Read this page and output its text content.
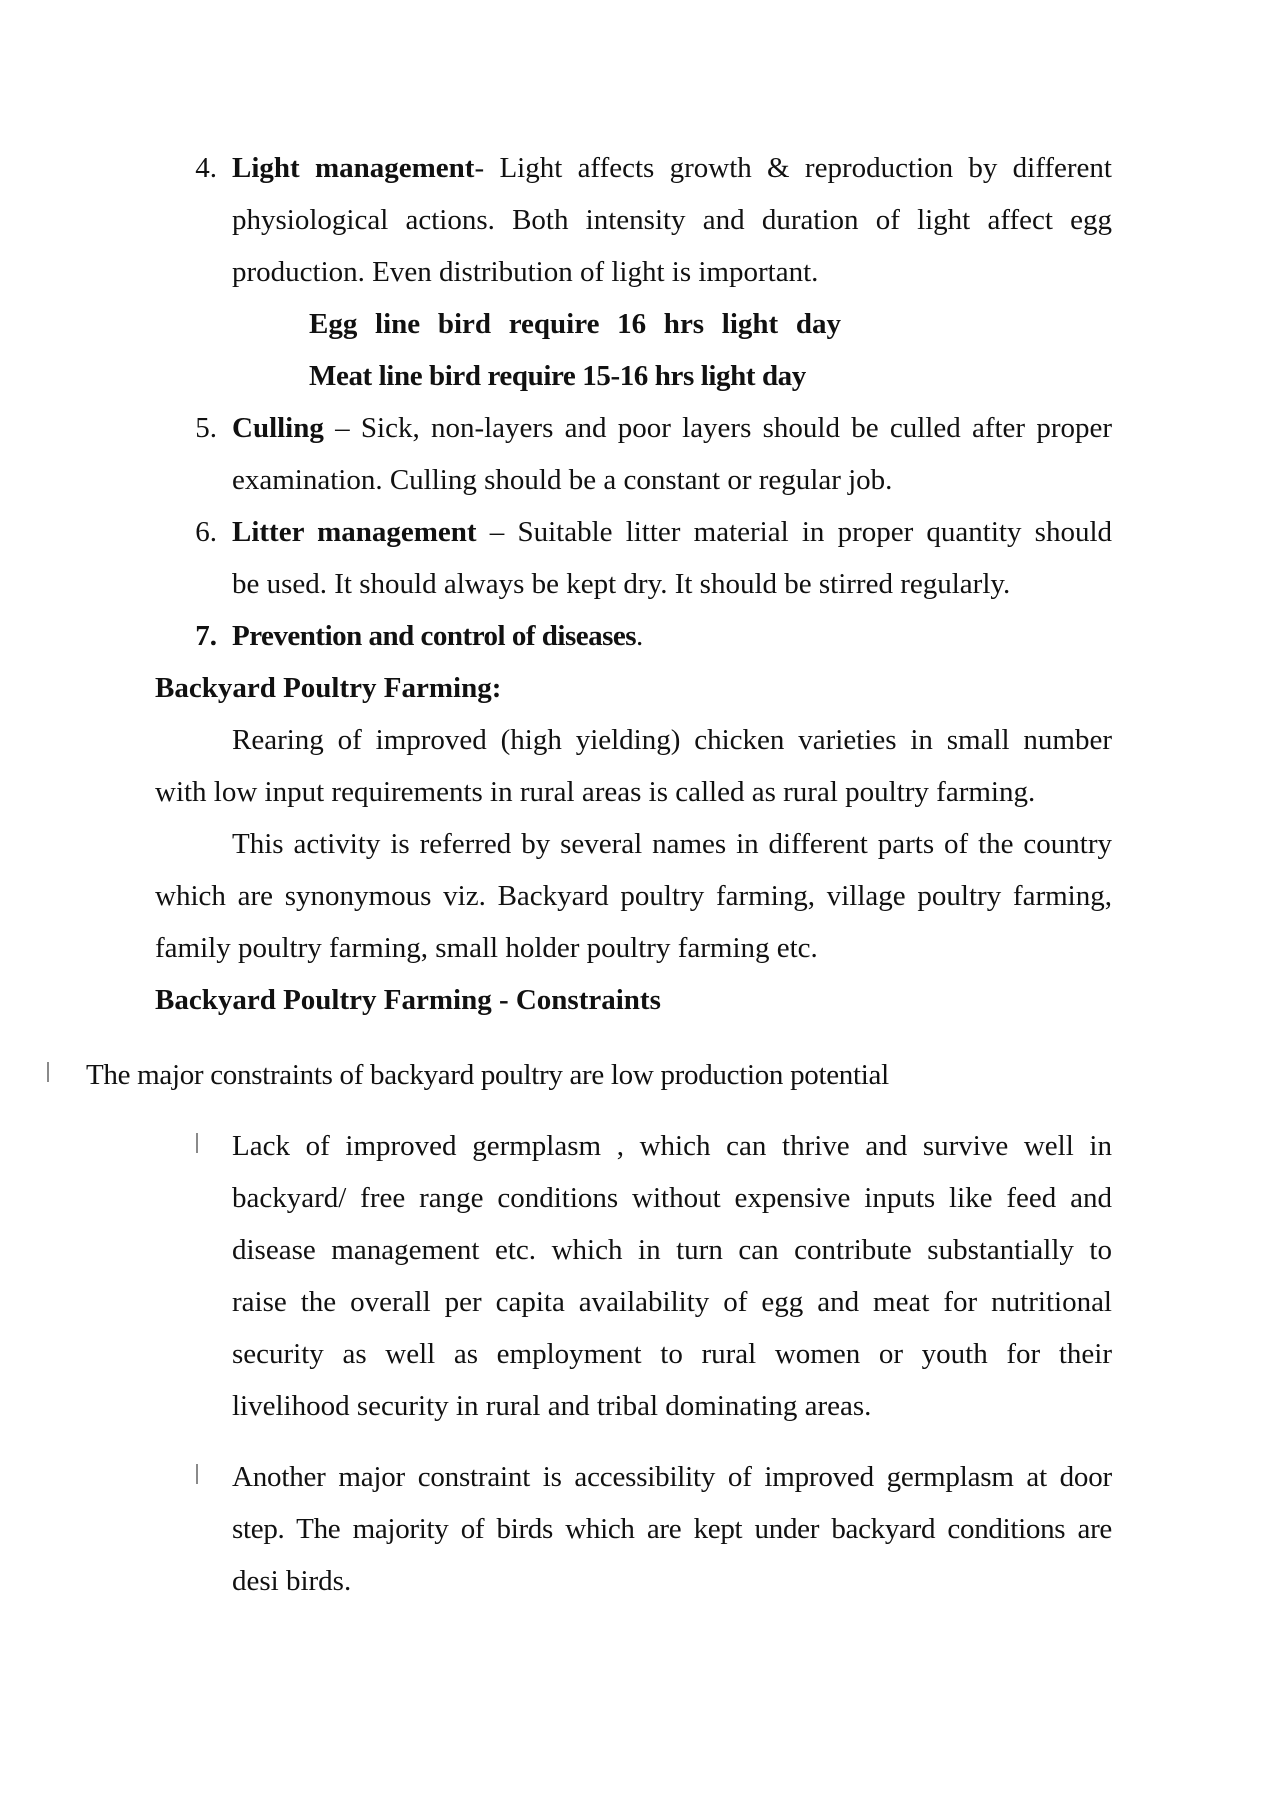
4. Light management- Light affects growth & reproduction by different
physiological actions. Both intensity and duration of light affect egg
production. Even distribution of light is important.
Egg line bird require 16 hrs light day
Meat line bird require 15-16 hrs light day
5. Culling – Sick, non-layers and poor layers should be culled after proper
examination. Culling should be a constant or regular job.
6. Litter management – Suitable litter material in proper quantity should
be used. It should always be kept dry. It should be stirred regularly.
7. Prevention and control of diseases.
Backyard Poultry Farming:
Rearing of improved (high yielding) chicken varieties in small number
with low input requirements in rural areas is called as rural poultry farming.
This activity is referred by several names in different parts of the country
which are synonymous viz. Backyard poultry farming, village poultry farming,
family poultry farming, small holder poultry farming etc.
Backyard Poultry Farming - Constraints
The major constraints of backyard poultry are low production potential
Lack of improved germplasm , which can thrive and survive well in
backyard/ free range conditions without expensive inputs like feed and
disease management etc. which in turn can contribute substantially to
raise the overall per capita availability of egg and meat for nutritional
security as well as employment to rural women or youth for their
livelihood security in rural and tribal dominating areas.
Another major constraint is accessibility of improved germplasm at door
step. The majority of birds which are kept under backyard conditions are
desi birds.
